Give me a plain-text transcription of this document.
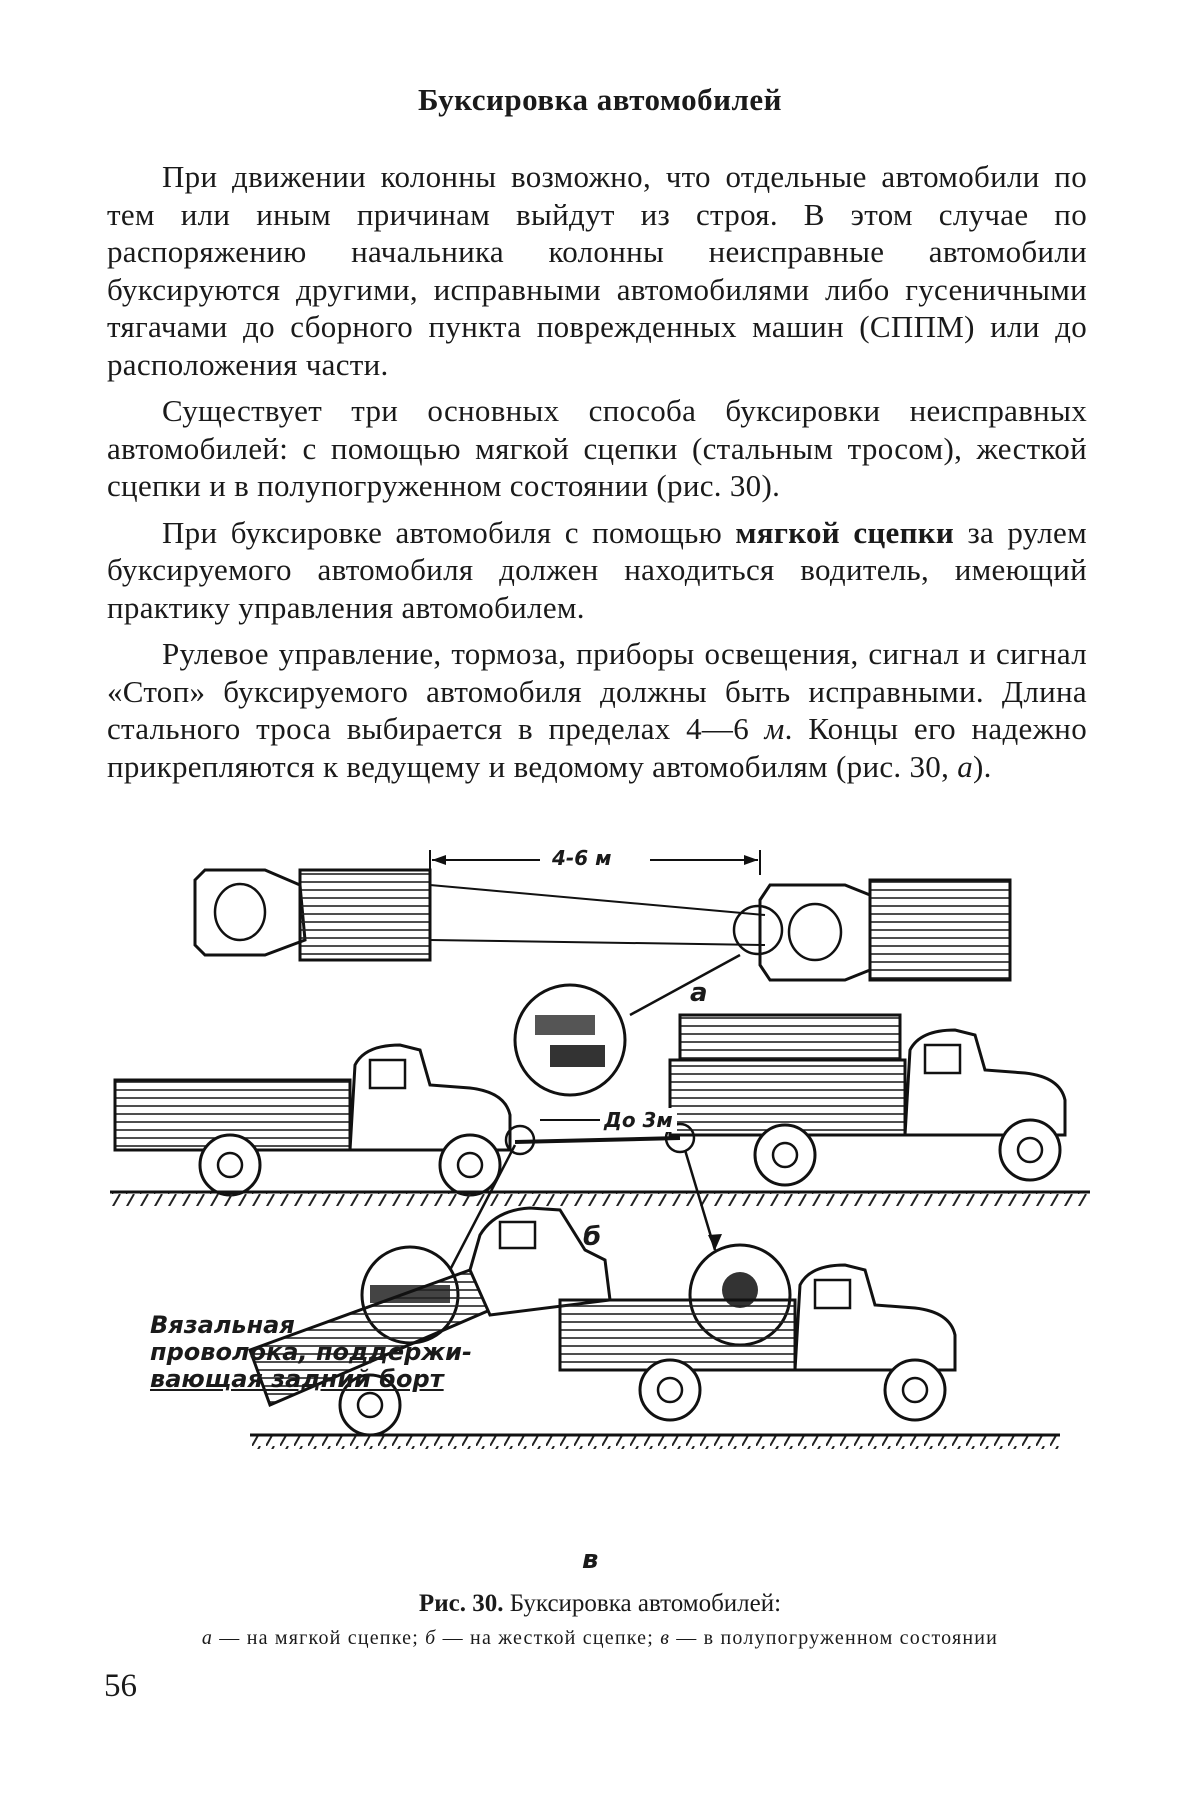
Буксировка автомобилей

При движении колонны возможно, что отдельные автомобили по тем или иным причинам выйдут из строя. В этом случае по распоряжению начальника колонны неисправные автомобили буксируются другими, исправными автомобилями либо гусеничными тягачами до сборного пункта поврежденных машин (СППМ) или до расположения части.

Существует три основных способа буксировки неисправных автомобилей: с помощью мягкой сцепки (стальным тросом), жесткой сцепки и в полупогруженном состоянии (рис. 30).

При буксировке автомобиля с помощью мягкой сцепки за рулем буксируемого автомобиля должен находиться водитель, имеющий практику управления автомобилем.

Рулевое управление, тормоза, приборы освещения, сигнал и сигнал «Стоп» буксируемого автомобиля должны быть исправными. Длина стального троса выбирается в пределах 4—6 м. Концы его надежно прикрепляются к ведущему и ведомому автомобилям (рис. 30, а).

4-6 м
До 3м
а
б
в
Вязальная
проволока, поддержи-
вающая задний борт
Рис. 30. Буксировка автомобилей:
а — на мягкой сцепке; б — на жесткой сцепке; в — в полупогруженном состоянии
56
